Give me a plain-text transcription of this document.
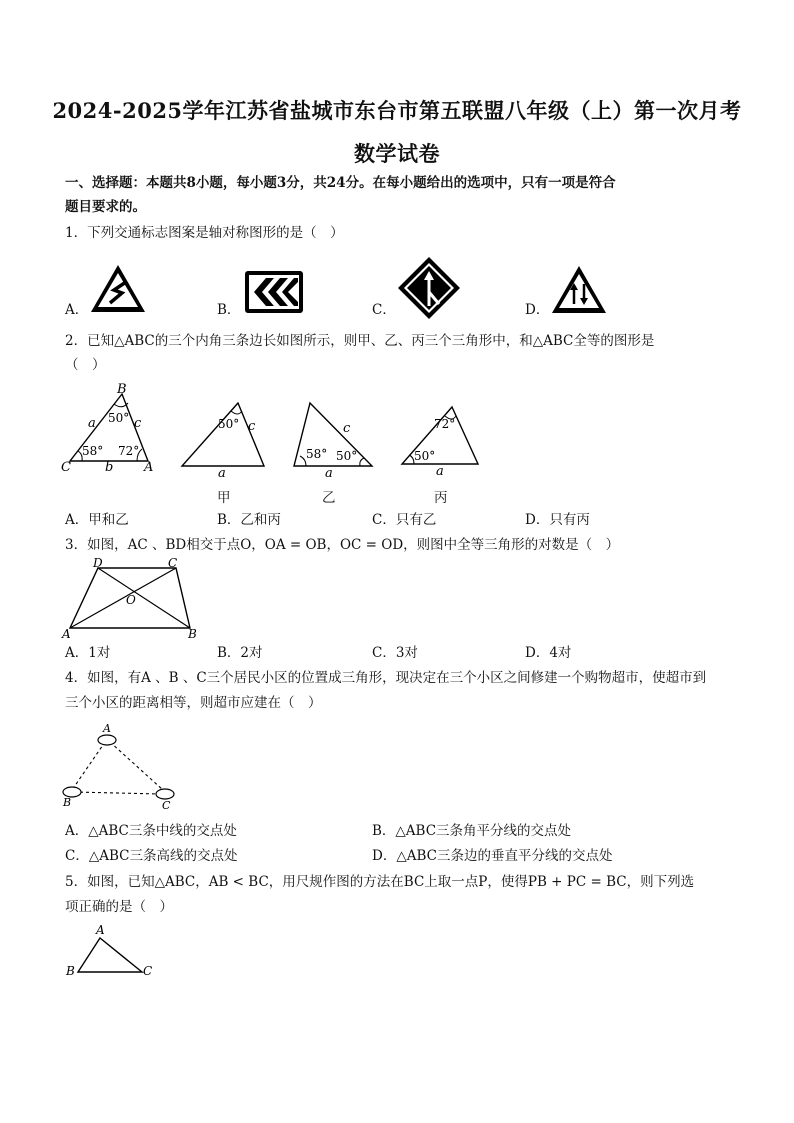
2024-2025学年江苏省盐城市东台市第五联盟八年级（上）第一次月考
数学试卷
一、选择题：本题共8小题，每小题3分，共24分。在每小题给出的选项中，只有一项是符合
题目要求的。
1．下列交通标志图案是轴对称图形的是（　）
A．	B．	C．	D．
2．已知△ABC的三个内角三条边长如图所示，则甲、乙、丙三个三角形中，和△ABC全等的图形是
（　）
B
C	A
a
b
c
50°
58° 72°
50° c
a
甲
58° 50°
c
a
乙
72°
50°
a
丙
A．甲和乙	B．乙和丙	C．只有乙	D．只有丙
3．如图，AC 、BD相交于点O，OA = OB，OC = OD，则图中全等三角形的对数是（　）
D	C
O
A	B
A．1对	B．2对	C．3对	D．4对
4．如图，有A 、B 、C三个居民小区的位置成三角形，现决定在三个小区之间修建一个购物超市，使超市到
三个小区的距离相等，则超市应建在（　）
A
B	C
A．△ABC三条中线的交点处	B．△ABC三条角平分线的交点处
C．△ABC三条高线的交点处	D．△ABC三条边的垂直平分线的交点处
5．如图，已知△ABC，AB < BC，用尺规作图的方法在BC上取一点P，使得PB + PC = BC，则下列选
项正确的是（　）
A
B	C
